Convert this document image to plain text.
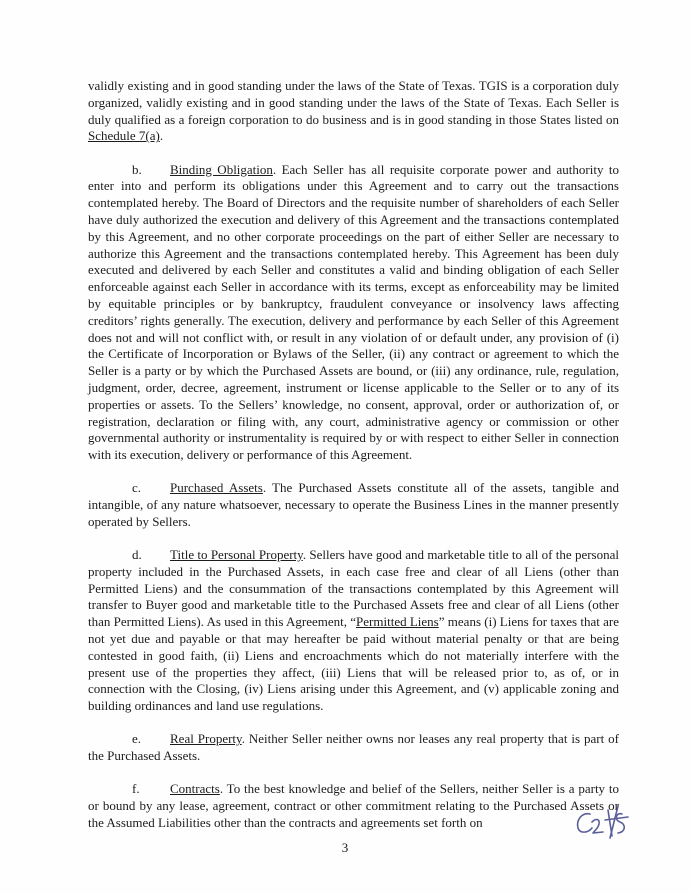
validly existing and in good standing under the laws of the State of Texas. TGIS is a corporation duly organized, validly existing and in good standing under the laws of the State of Texas. Each Seller is duly qualified as a foreign corporation to do business and is in good standing in those States listed on Schedule 7(a).

b. Binding Obligation. Each Seller has all requisite corporate power and authority to enter into and perform its obligations under this Agreement and to carry out the transactions contemplated hereby. The Board of Directors and the requisite number of shareholders of each Seller have duly authorized the execution and delivery of this Agreement and the transactions contemplated by this Agreement, and no other corporate proceedings on the part of either Seller are necessary to authorize this Agreement and the transactions contemplated hereby. This Agreement has been duly executed and delivered by each Seller and constitutes a valid and binding obligation of each Seller enforceable against each Seller in accordance with its terms, except as enforceability may be limited by equitable principles or by bankruptcy, fraudulent conveyance or insolvency laws affecting creditors’ rights generally. The execution, delivery and performance by each Seller of this Agreement does not and will not conflict with, or result in any violation of or default under, any provision of (i) the Certificate of Incorporation or Bylaws of the Seller, (ii) any contract or agreement to which the Seller is a party or by which the Purchased Assets are bound, or (iii) any ordinance, rule, regulation, judgment, order, decree, agreement, instrument or license applicable to the Seller or to any of its properties or assets. To the Sellers’ knowledge, no consent, approval, order or authorization of, or registration, declaration or filing with, any court, administrative agency or commission or other governmental authority or instrumentality is required by or with respect to either Seller in connection with its execution, delivery or performance of this Agreement.

c. Purchased Assets. The Purchased Assets constitute all of the assets, tangible and intangible, of any nature whatsoever, necessary to operate the Business Lines in the manner presently operated by Sellers.

d. Title to Personal Property. Sellers have good and marketable title to all of the personal property included in the Purchased Assets, in each case free and clear of all Liens (other than Permitted Liens) and the consummation of the transactions contemplated by this Agreement will transfer to Buyer good and marketable title to the Purchased Assets free and clear of all Liens (other than Permitted Liens). As used in this Agreement, “Permitted Liens” means (i) Liens for taxes that are not yet due and payable or that may hereafter be paid without material penalty or that are being contested in good faith, (ii) Liens and encroachments which do not materially interfere with the present use of the properties they affect, (iii) Liens that will be released prior to, as of, or in connection with the Closing, (iv) Liens arising under this Agreement, and (v) applicable zoning and building ordinances and land use regulations.

e. Real Property. Neither Seller neither owns nor leases any real property that is part of the Purchased Assets.

f. Contracts. To the best knowledge and belief of the Sellers, neither Seller is a party to or bound by any lease, agreement, contract or other commitment relating to the Purchased Assets or the Assumed Liabilities other than the contracts and agreements set forth on

3
